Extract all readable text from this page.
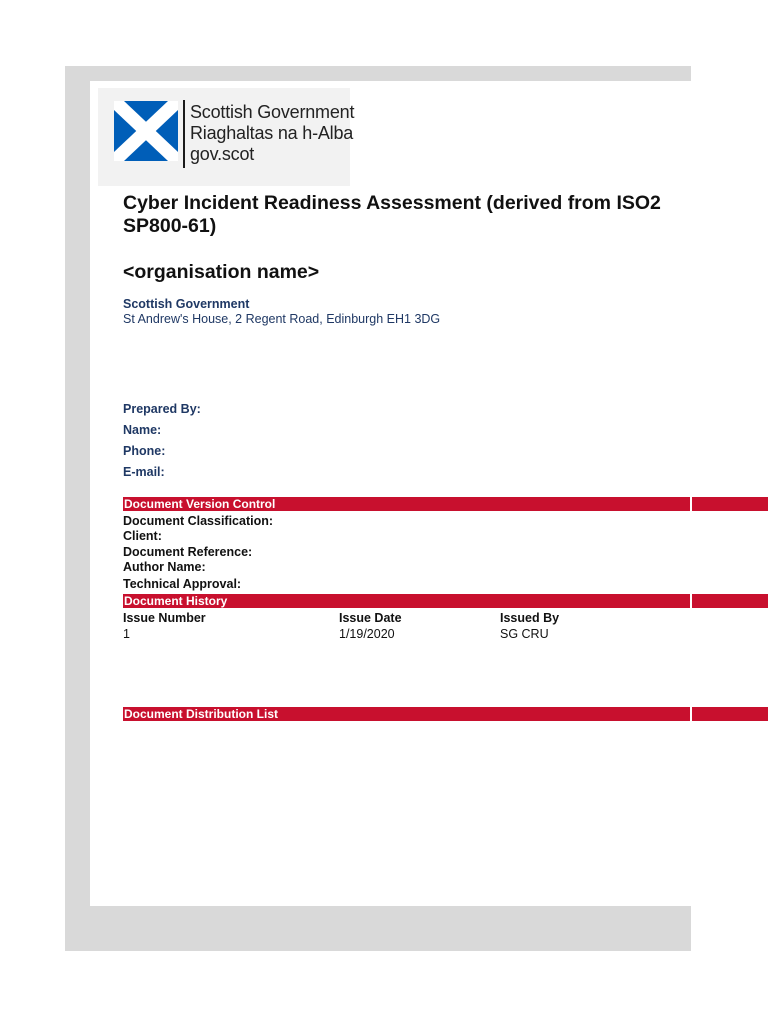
Scottish Government
Riaghaltas na h-Alba
gov.scot
Cyber Incident Readiness Assessment (derived from ISO2
SP800-61)
<organisation name>
Scottish Government
St Andrew's House, 2 Regent Road, Edinburgh EH1 3DG
Prepared By:
Name:
Phone:
E-mail:
Document Version Control
Document Classification:
Client:
Document Reference:
Author Name:
Technical Approval:
Document History
Issue Number	Issue Date	Issued By
1	1/19/2020	SG CRU
Document Distribution List
